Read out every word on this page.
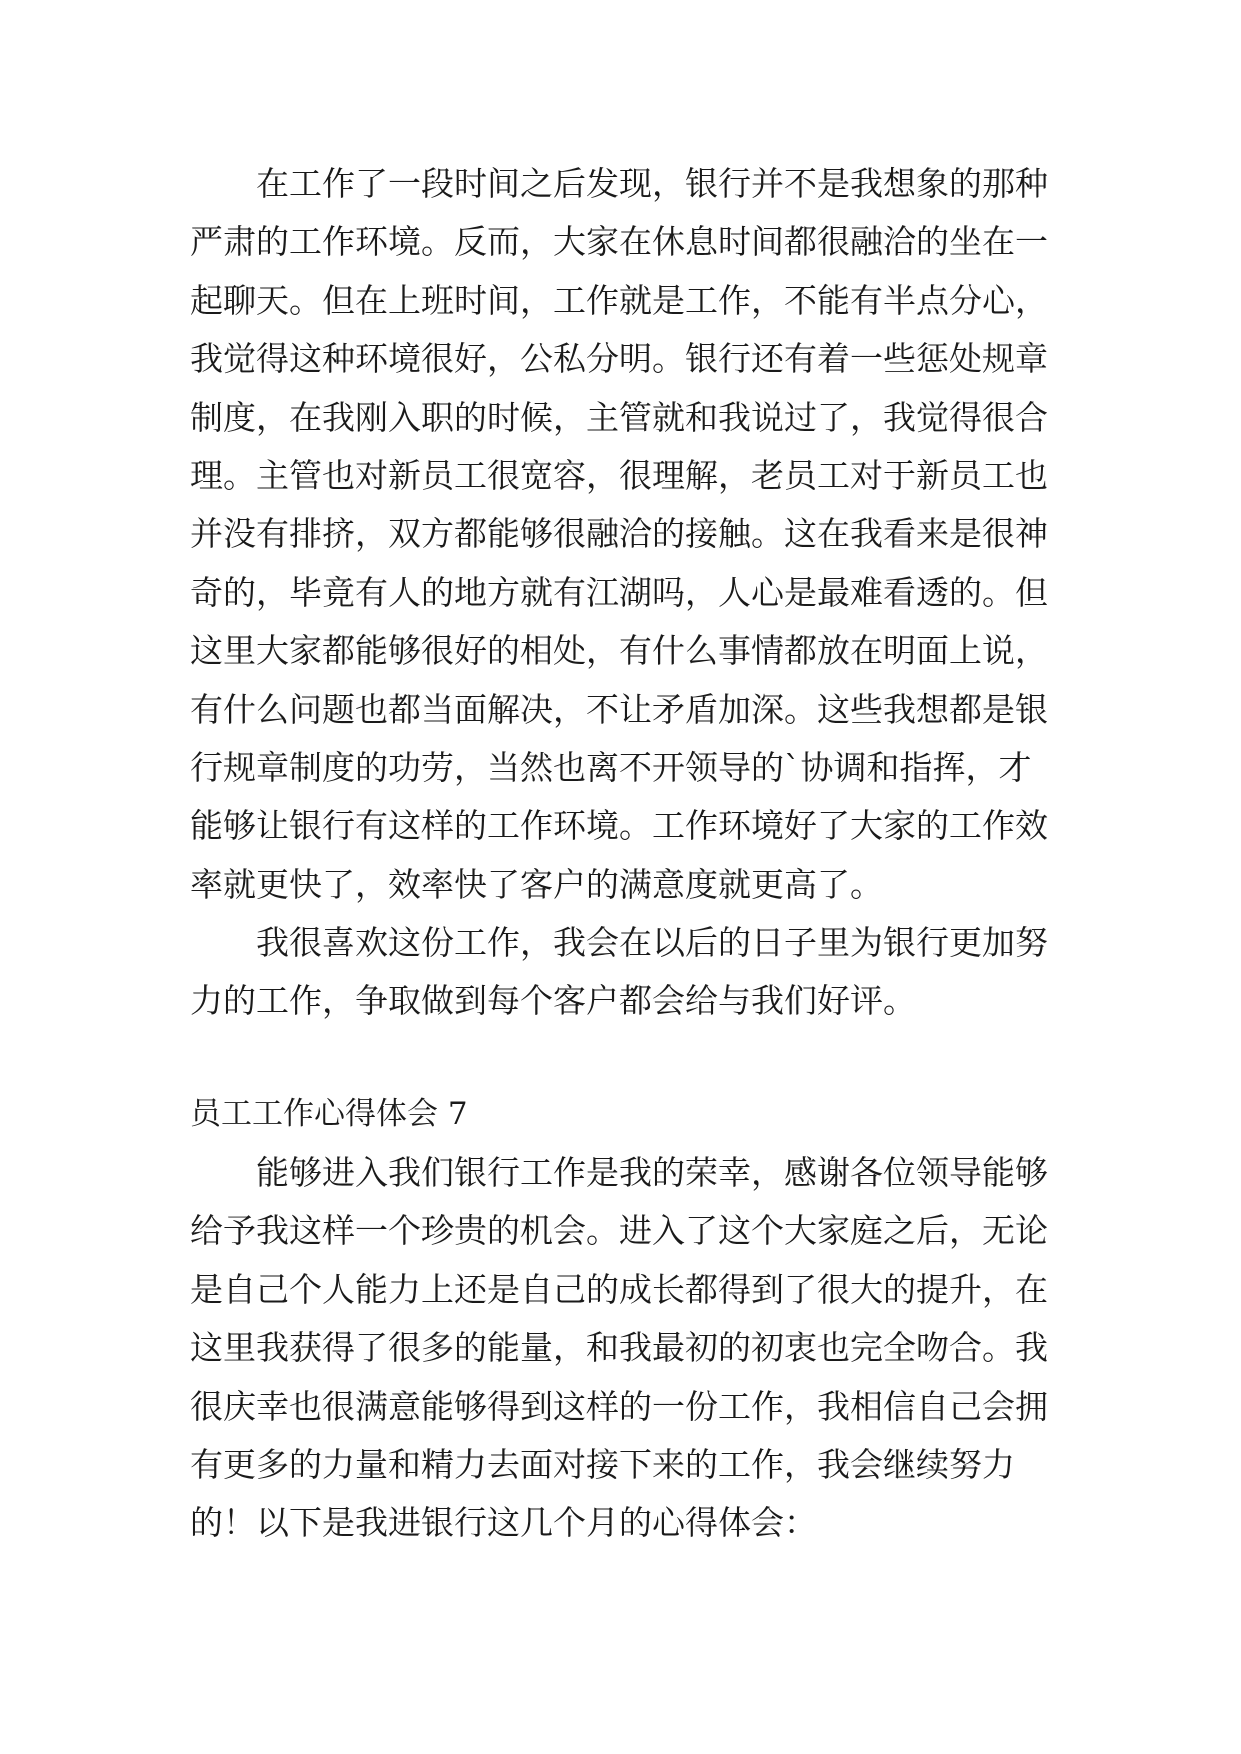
在工作了一段时间之后发现，银行并不是我想象的那种
严肃的工作环境。反而，大家在休息时间都很融洽的坐在一
起聊天。但在上班时间，工作就是工作，不能有半点分心，
我觉得这种环境很好，公私分明。银行还有着一些惩处规章
制度，在我刚入职的时候，主管就和我说过了，我觉得很合
理。主管也对新员工很宽容，很理解，老员工对于新员工也
并没有排挤，双方都能够很融洽的接触。这在我看来是很神
奇的，毕竟有人的地方就有江湖吗，人心是最难看透的。但
这里大家都能够很好的相处，有什么事情都放在明面上说，
有什么问题也都当面解决，不让矛盾加深。这些我想都是银
行规章制度的功劳，当然也离不开领导的`协调和指挥，才
能够让银行有这样的工作环境。工作环境好了大家的工作效
率就更快了，效率快了客户的满意度就更高了。
我很喜欢这份工作，我会在以后的日子里为银行更加努
力的工作，争取做到每个客户都会给与我们好评。
员工工作心得体会 7
能够进入我们银行工作是我的荣幸，感谢各位领导能够
给予我这样一个珍贵的机会。进入了这个大家庭之后，无论
是自己个人能力上还是自己的成长都得到了很大的提升，在
这里我获得了很多的能量，和我最初的初衷也完全吻合。我
很庆幸也很满意能够得到这样的一份工作，我相信自己会拥
有更多的力量和精力去面对接下来的工作，我会继续努力
的！以下是我进银行这几个月的心得体会：
